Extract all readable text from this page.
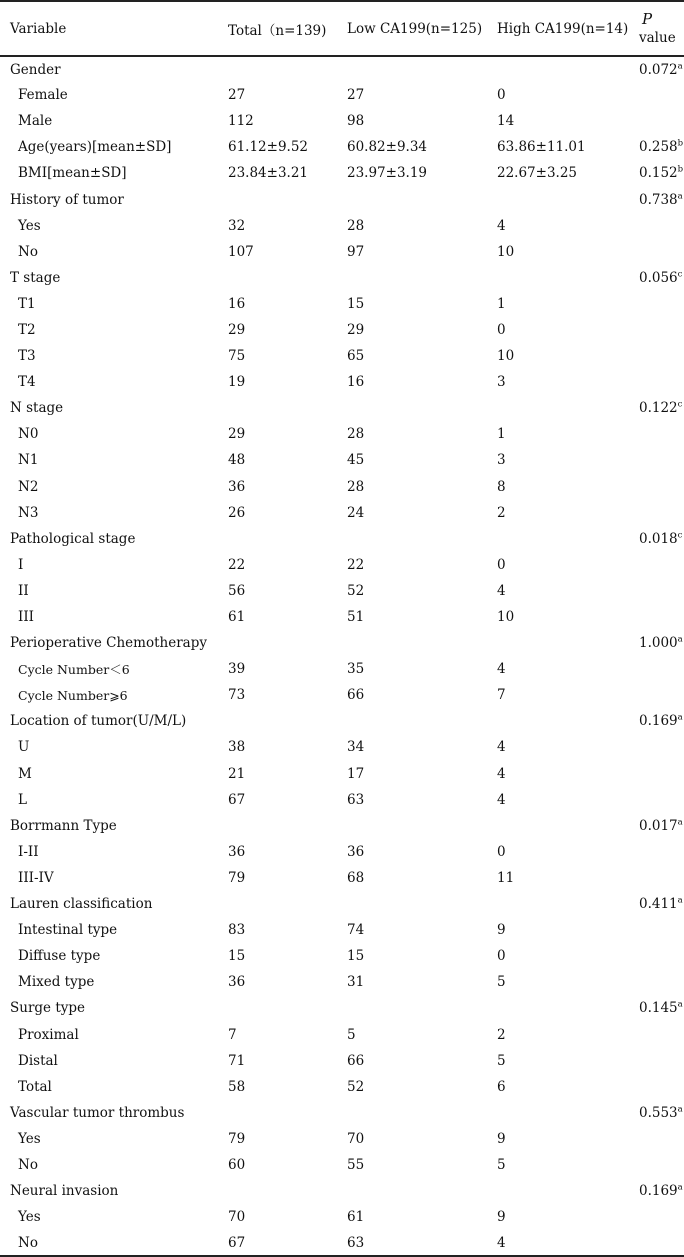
Variable	Total（n=139)	Low CA199(n=125)	High CA199(n=14)	P
value
Gender				0.072$^a$
Female	27	27	0	
Male	112	98	14	
Age(years)[mean±SD]	61.12±9.52	60.82±9.34	63.86±11.01	0.258$^b$
BMI[mean±SD]	23.84±3.21	23.97±3.19	22.67±3.25	0.152$^b$
History of tumor				0.738$^a$
Yes	32	28	4	
No	107	97	10	
T stage				0.056$^c$
T1	16	15	1	
T2	29	29	0	
T3	75	65	10	
T4	19	16	3	
N stage				0.122$^c$
N0	29	28	1	
N1	48	45	3	
N2	36	28	8	
N3	26	24	2	
Pathological stage				0.018$^c$
I	22	22	0	
II	56	52	4	
III	61	51	10	
Perioperative Chemotherapy				1.000$^a$
Cycle Number＜6	39	35	4	
Cycle Number⩾6	73	66	7	
Location of tumor(U/M/L)				0.169$^a$
U	38	34	4	
M	21	17	4	
L	67	63	4	
Borrmann Type				0.017$^a$
I-II	36	36	0	
III-IV	79	68	11	
Lauren classification				0.411$^a$
Intestinal type	83	74	9	
Diffuse type	15	15	0	
Mixed type	36	31	5	
Surge type				0.145$^a$
Proximal	7	5	2	
Distal	71	66	5	
Total	58	52	6	
Vascular tumor thrombus				0.553$^a$
Yes	79	70	9	
No	60	55	5	
Neural invasion				0.169$^a$
Yes	70	61	9	
No	67	63	4	
